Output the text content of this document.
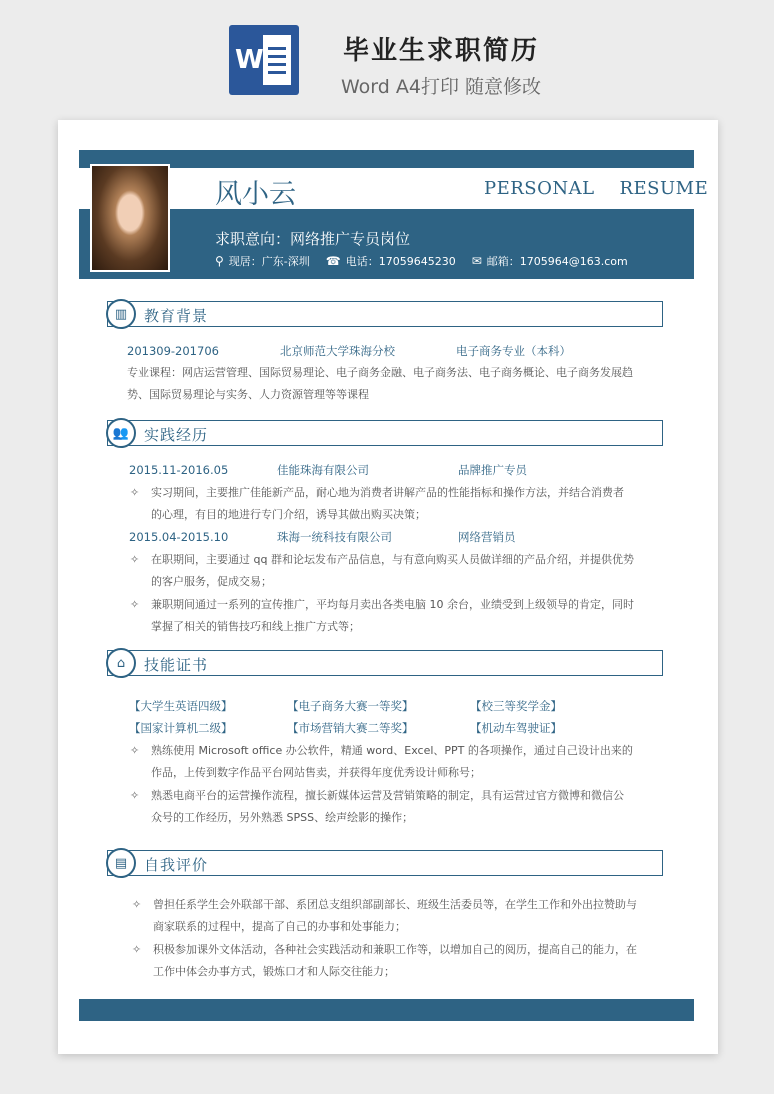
W	毕业生求职简历
Word A4打印 随意修改
风小云	PERSONAL    RESUME
求职意向：网络推广专员岗位
⚲ 现居：广东-深圳 ☎ 电话：17059645230 ✉ 邮箱：1705964@163.com
▥	教育背景
201309-201706	北京师范大学珠海分校	电子商务专业（本科）
专业课程：网店运营管理、国际贸易理论、电子商务金融、电子商务法、电子商务概论、电子商务发展趋
势、国际贸易理论与实务、人力资源管理等等课程
👥 实践经历
2015.11-2016.05	佳能珠海有限公司	品牌推广专员
✧ 实习期间，主要推广佳能新产品，耐心地为消费者讲解产品的性能指标和操作方法，并结合消费者
的心理，有目的地进行专门介绍，诱导其做出购买决策；
2015.04-2015.10	珠海一统科技有限公司	网络营销员
✧ 在职期间，主要通过 qq 群和论坛发布产品信息，与有意向购买人员做详细的产品介绍，并提供优势
的客户服务，促成交易；
✧ 兼职期间通过一系列的宣传推广，平均每月卖出各类电脑 10 余台，业绩受到上级领导的肯定，同时
掌握了相关的销售技巧和线上推广方式等；
⌂	技能证书
【大学生英语四级】	【电子商务大赛一等奖】	【校三等奖学金】
【国家计算机二级】	【市场营销大赛二等奖】	【机动车驾驶证】
✧ 熟练使用 Microsoft office 办公软件，精通 word、Excel、PPT 的各项操作，通过自己设计出来的
作品，上传到数字作品平台网站售卖，并获得年度优秀设计师称号；
✧ 熟悉电商平台的运营操作流程，擅长新媒体运营及营销策略的制定，具有运营过官方微博和微信公
众号的工作经历，另外熟悉 SPSS、绘声绘影的操作；
▤	自我评价
✧ 曾担任系学生会外联部干部、系团总支组织部副部长、班级生活委员等，在学生工作和外出拉赞助与
商家联系的过程中，提高了自己的办事和处事能力；
✧ 积极参加课外文体活动，各种社会实践活动和兼职工作等，以增加自己的阅历，提高自己的能力，在
工作中体会办事方式，锻炼口才和人际交往能力；
